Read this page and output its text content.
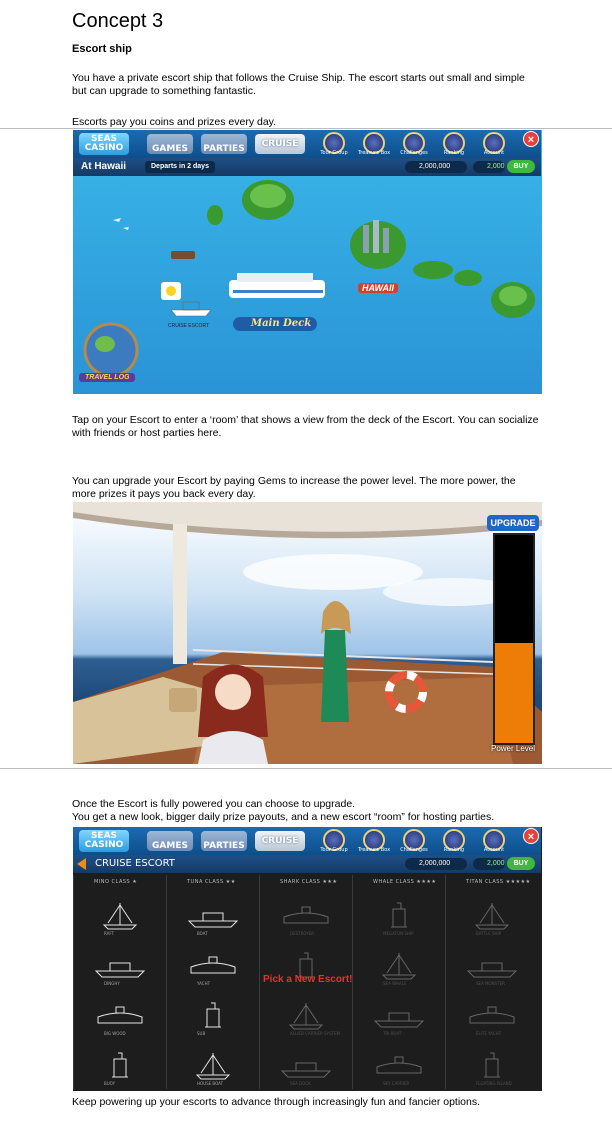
Concept 3
Escort ship
You have a private escort ship that follows the Cruise Ship. The escort starts out small and simple but can upgrade to something fantastic.
Escorts pay you coins and prizes every day.
SEAS
CASINO	GAMES	PARTIES	CRUISE
Tour Group	Treasure Box	Challenges	Ranking	Account
×
At Hawaii	Departs in 2 days	2,000,000	2,000	BUY
CRUISE ESCORT	Main Deck
HAWAII
TRAVEL LOG
Tap on your Escort to enter a ‘room’ that shows a view from the deck of the Escort. You can socialize with friends or host parties here.
You can upgrade your Escort by paying Gems to increase the power level. The more power, the more prizes it pays you back every day.
UPGRADE
Power Level
Once the Escort is fully powered you can choose to upgrade.
You get a new look, bigger daily prize payouts, and a new escort “room” for hosting parties.
SEAS
CASINO	GAMES	PARTIES	CRUISE
Tour Group	Treasure Box	Challenges	Ranking	Account
×
CRUISE ESCORT	2,000,000	2,000	BUY
MINO CLASS ★
RAFT
DINGHY
BIG WOOD
BUOY
TUNA CLASS ★★
BOAT
YACHT
SUB
HOUSE BOAT
SHARK CLASS ★★★
DESTROYER
ALLIED CARRIER SYSTEM
SEA DOCK
WHALE CLASS ★★★★
MEGATON SHIP
SEA WHALE
TRI-BOAT
SKY CARRIER
TITAN CLASS ★★★★★
BATTLE SHIP
SEA MONSTER
ELITE YACHT
FLOATING ISLAND
Pick a New Escort!
Keep powering up your escorts to advance through increasingly fun and fancier options.
